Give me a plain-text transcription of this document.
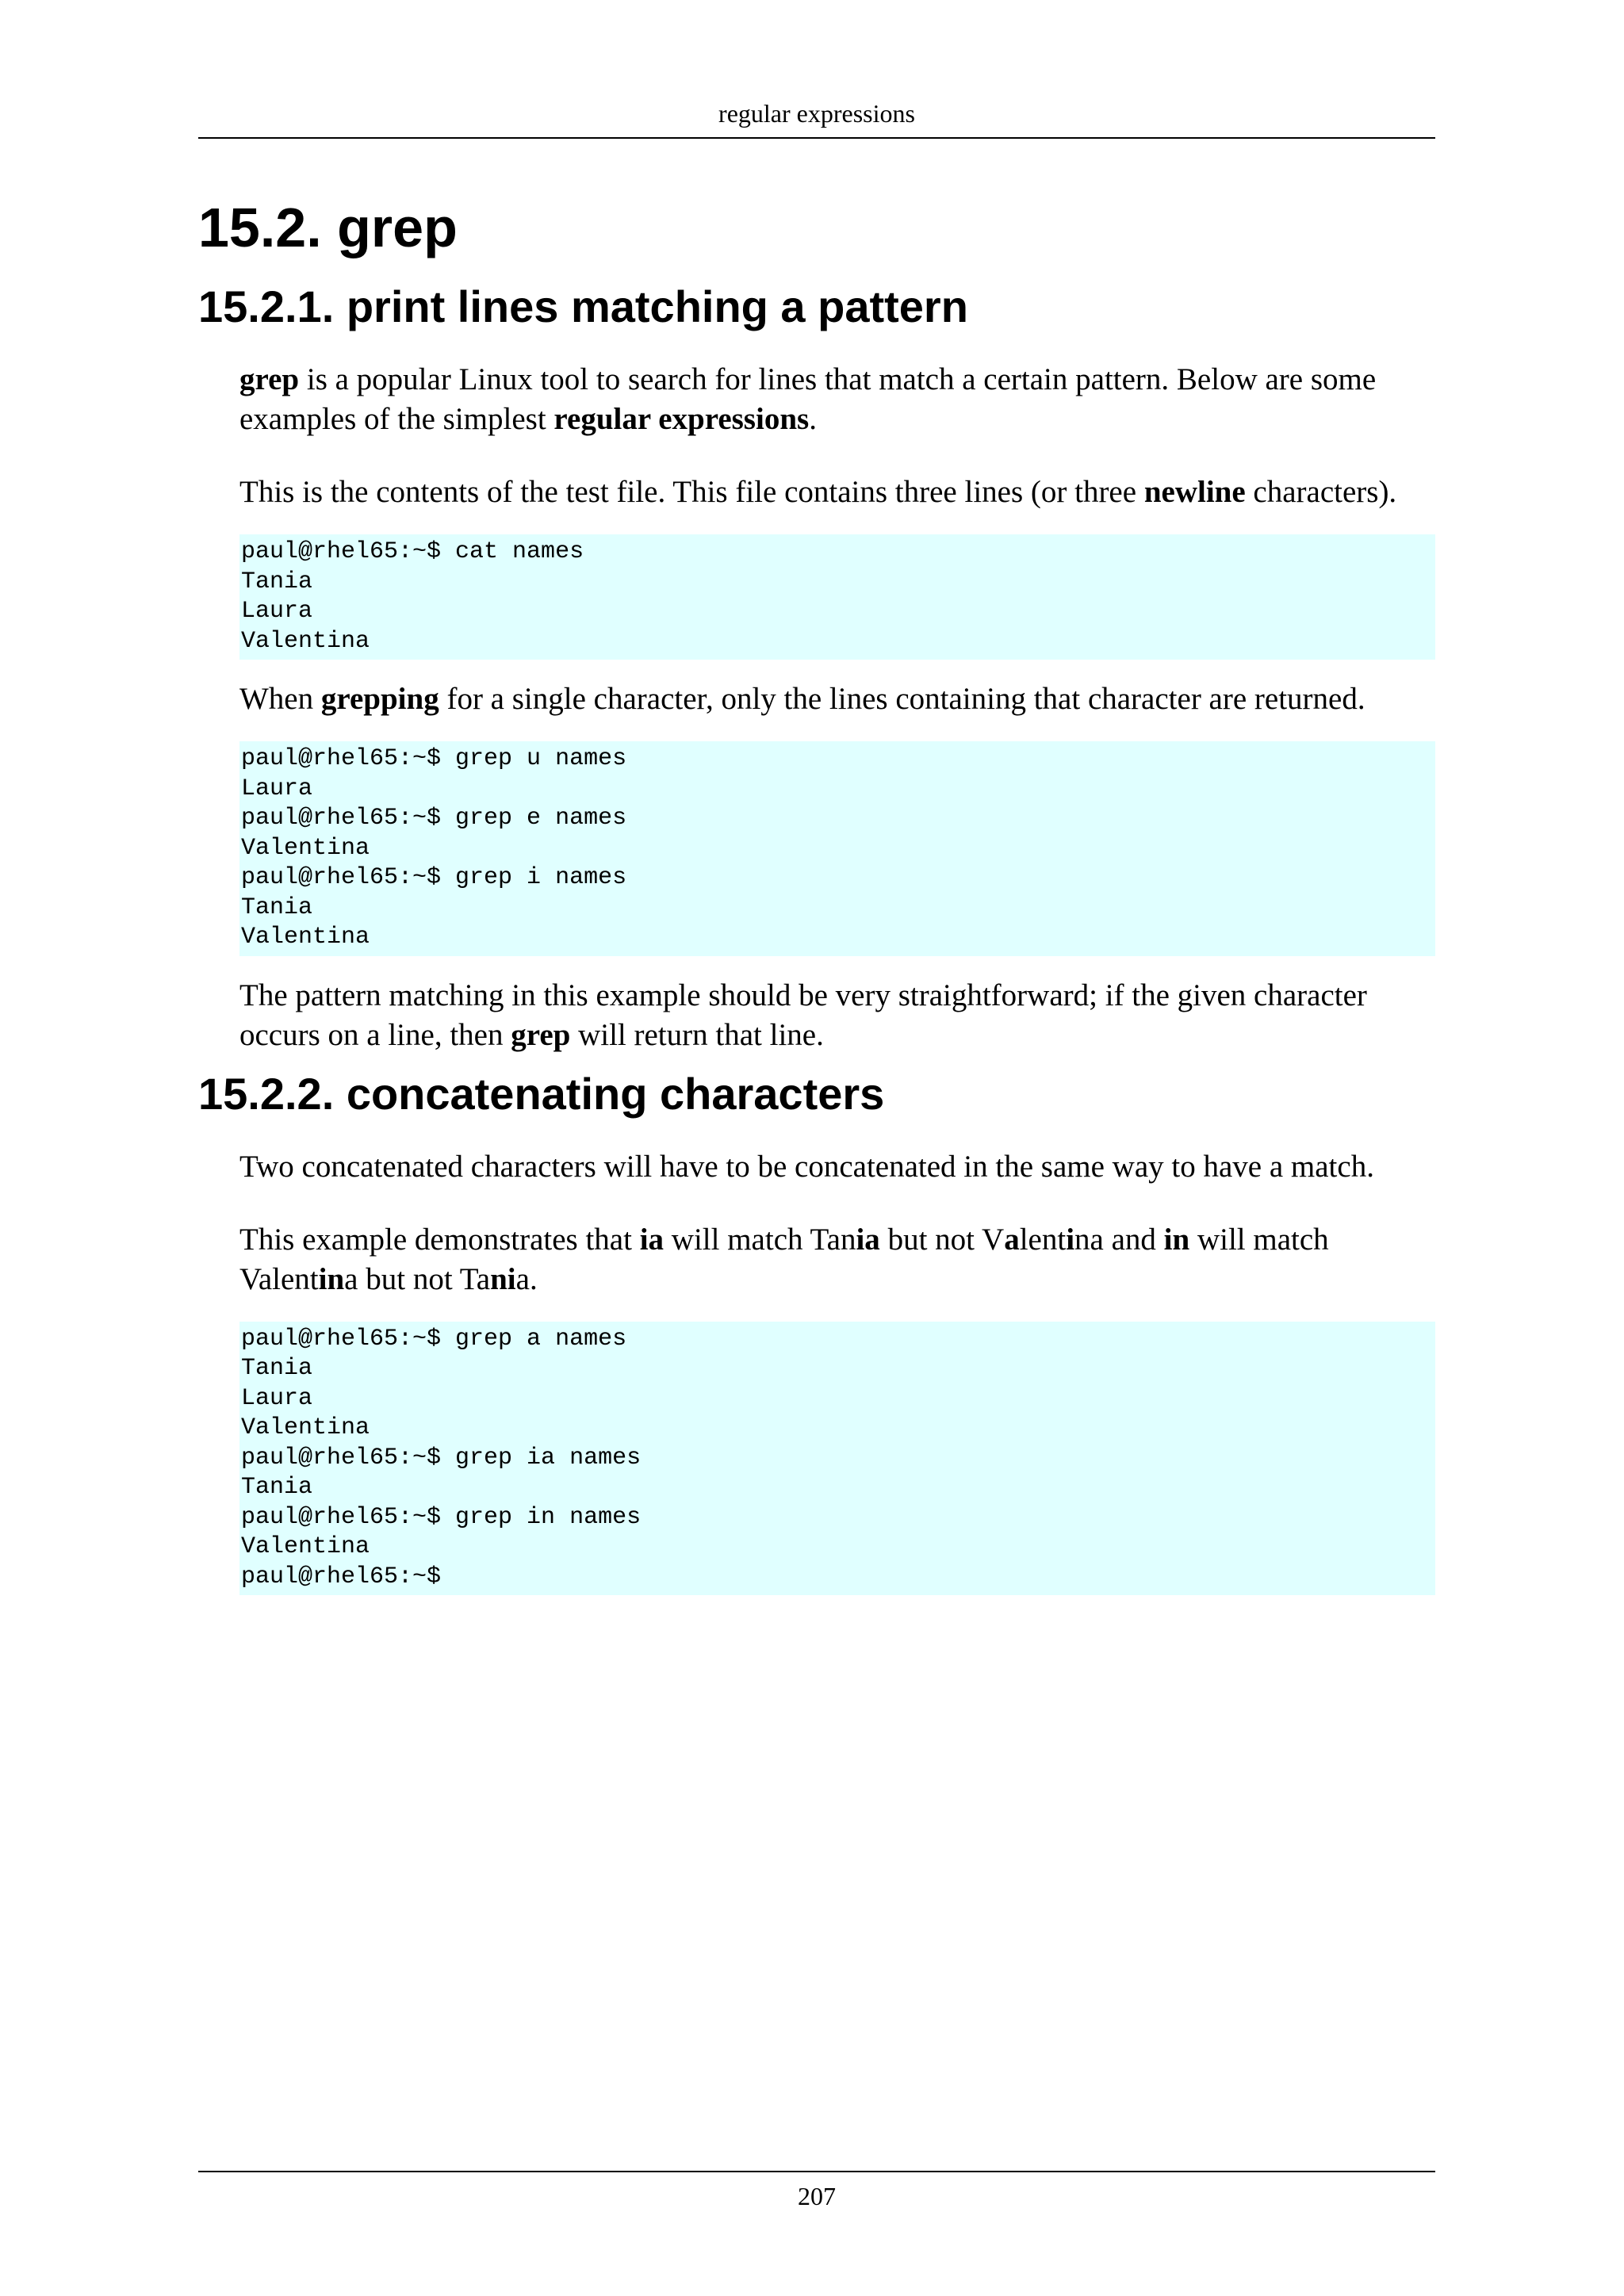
regular expressions
15.2. grep
15.2.1. print lines matching a pattern

grep is a popular Linux tool to search for lines that match a certain pattern. Below are some examples of the simplest regular expressions.

This is the contents of the test file. This file contains three lines (or three newline characters).

paul@rhel65:~$ cat names
Tania
Laura
Valentina

When grepping for a single character, only the lines containing that character are returned.

paul@rhel65:~$ grep u names
Laura
paul@rhel65:~$ grep e names
Valentina
paul@rhel65:~$ grep i names
Tania
Valentina

The pattern matching in this example should be very straightforward; if the given character occurs on a line, then grep will return that line.

15.2.2. concatenating characters

Two concatenated characters will have to be concatenated in the same way to have a match.

This example demonstrates that ia will match Tania but not Valentina and in will match Valentina but not Tania.

paul@rhel65:~$ grep a names
Tania
Laura
Valentina
paul@rhel65:~$ grep ia names
Tania
paul@rhel65:~$ grep in names
Valentina
paul@rhel65:~$
207
